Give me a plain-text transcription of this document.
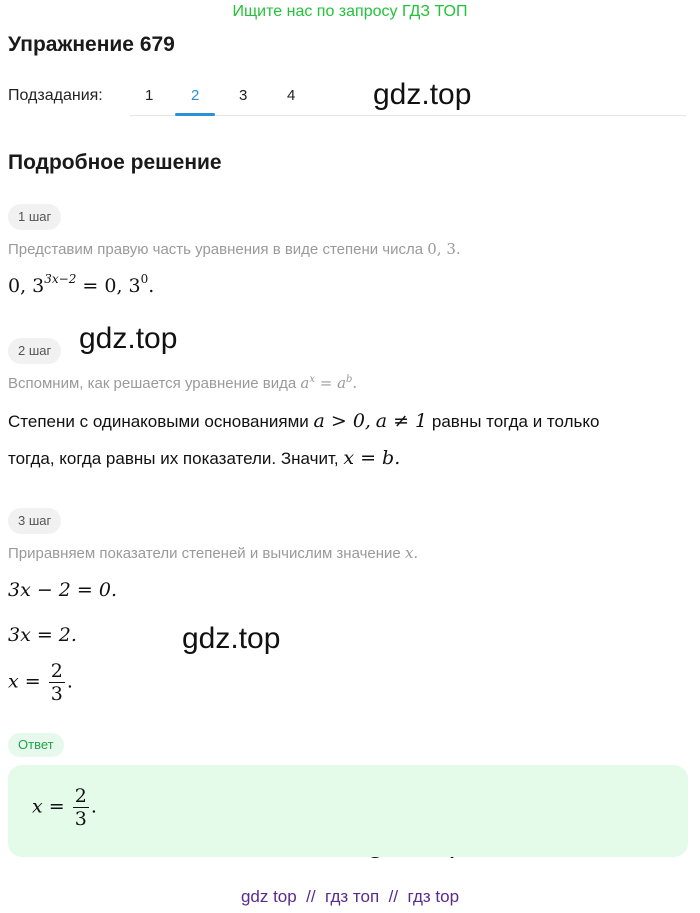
Ищите нас по запросу ГДЗ ТОП
Упражнение 679
Подзадания:	1	2	3	4	gdz.top
gdz.top
gdz.top
Подробное решение
1 шаг
Представим правую часть уравнения в виде степени числа 0, 3.
0, $3^{3x-2} = 0$, $3^0$.
2 шаг
Вспомним, как решается уравнение вида $a^x = a^b$.
Степени с одинаковыми основаниями a > 0, a ≠ 1 равны тогда и только
тогда, когда равны их показатели. Значит, x = b.
3 шаг
Приравняем показатели степеней и вычислим значение x.
3x − 2 = 0.
3x = 2.
$x = \frac{2}{3}$ .
Ответ
$x = \frac{2}{3}$ .
gdz top  //  гдз топ  //  гдз top
